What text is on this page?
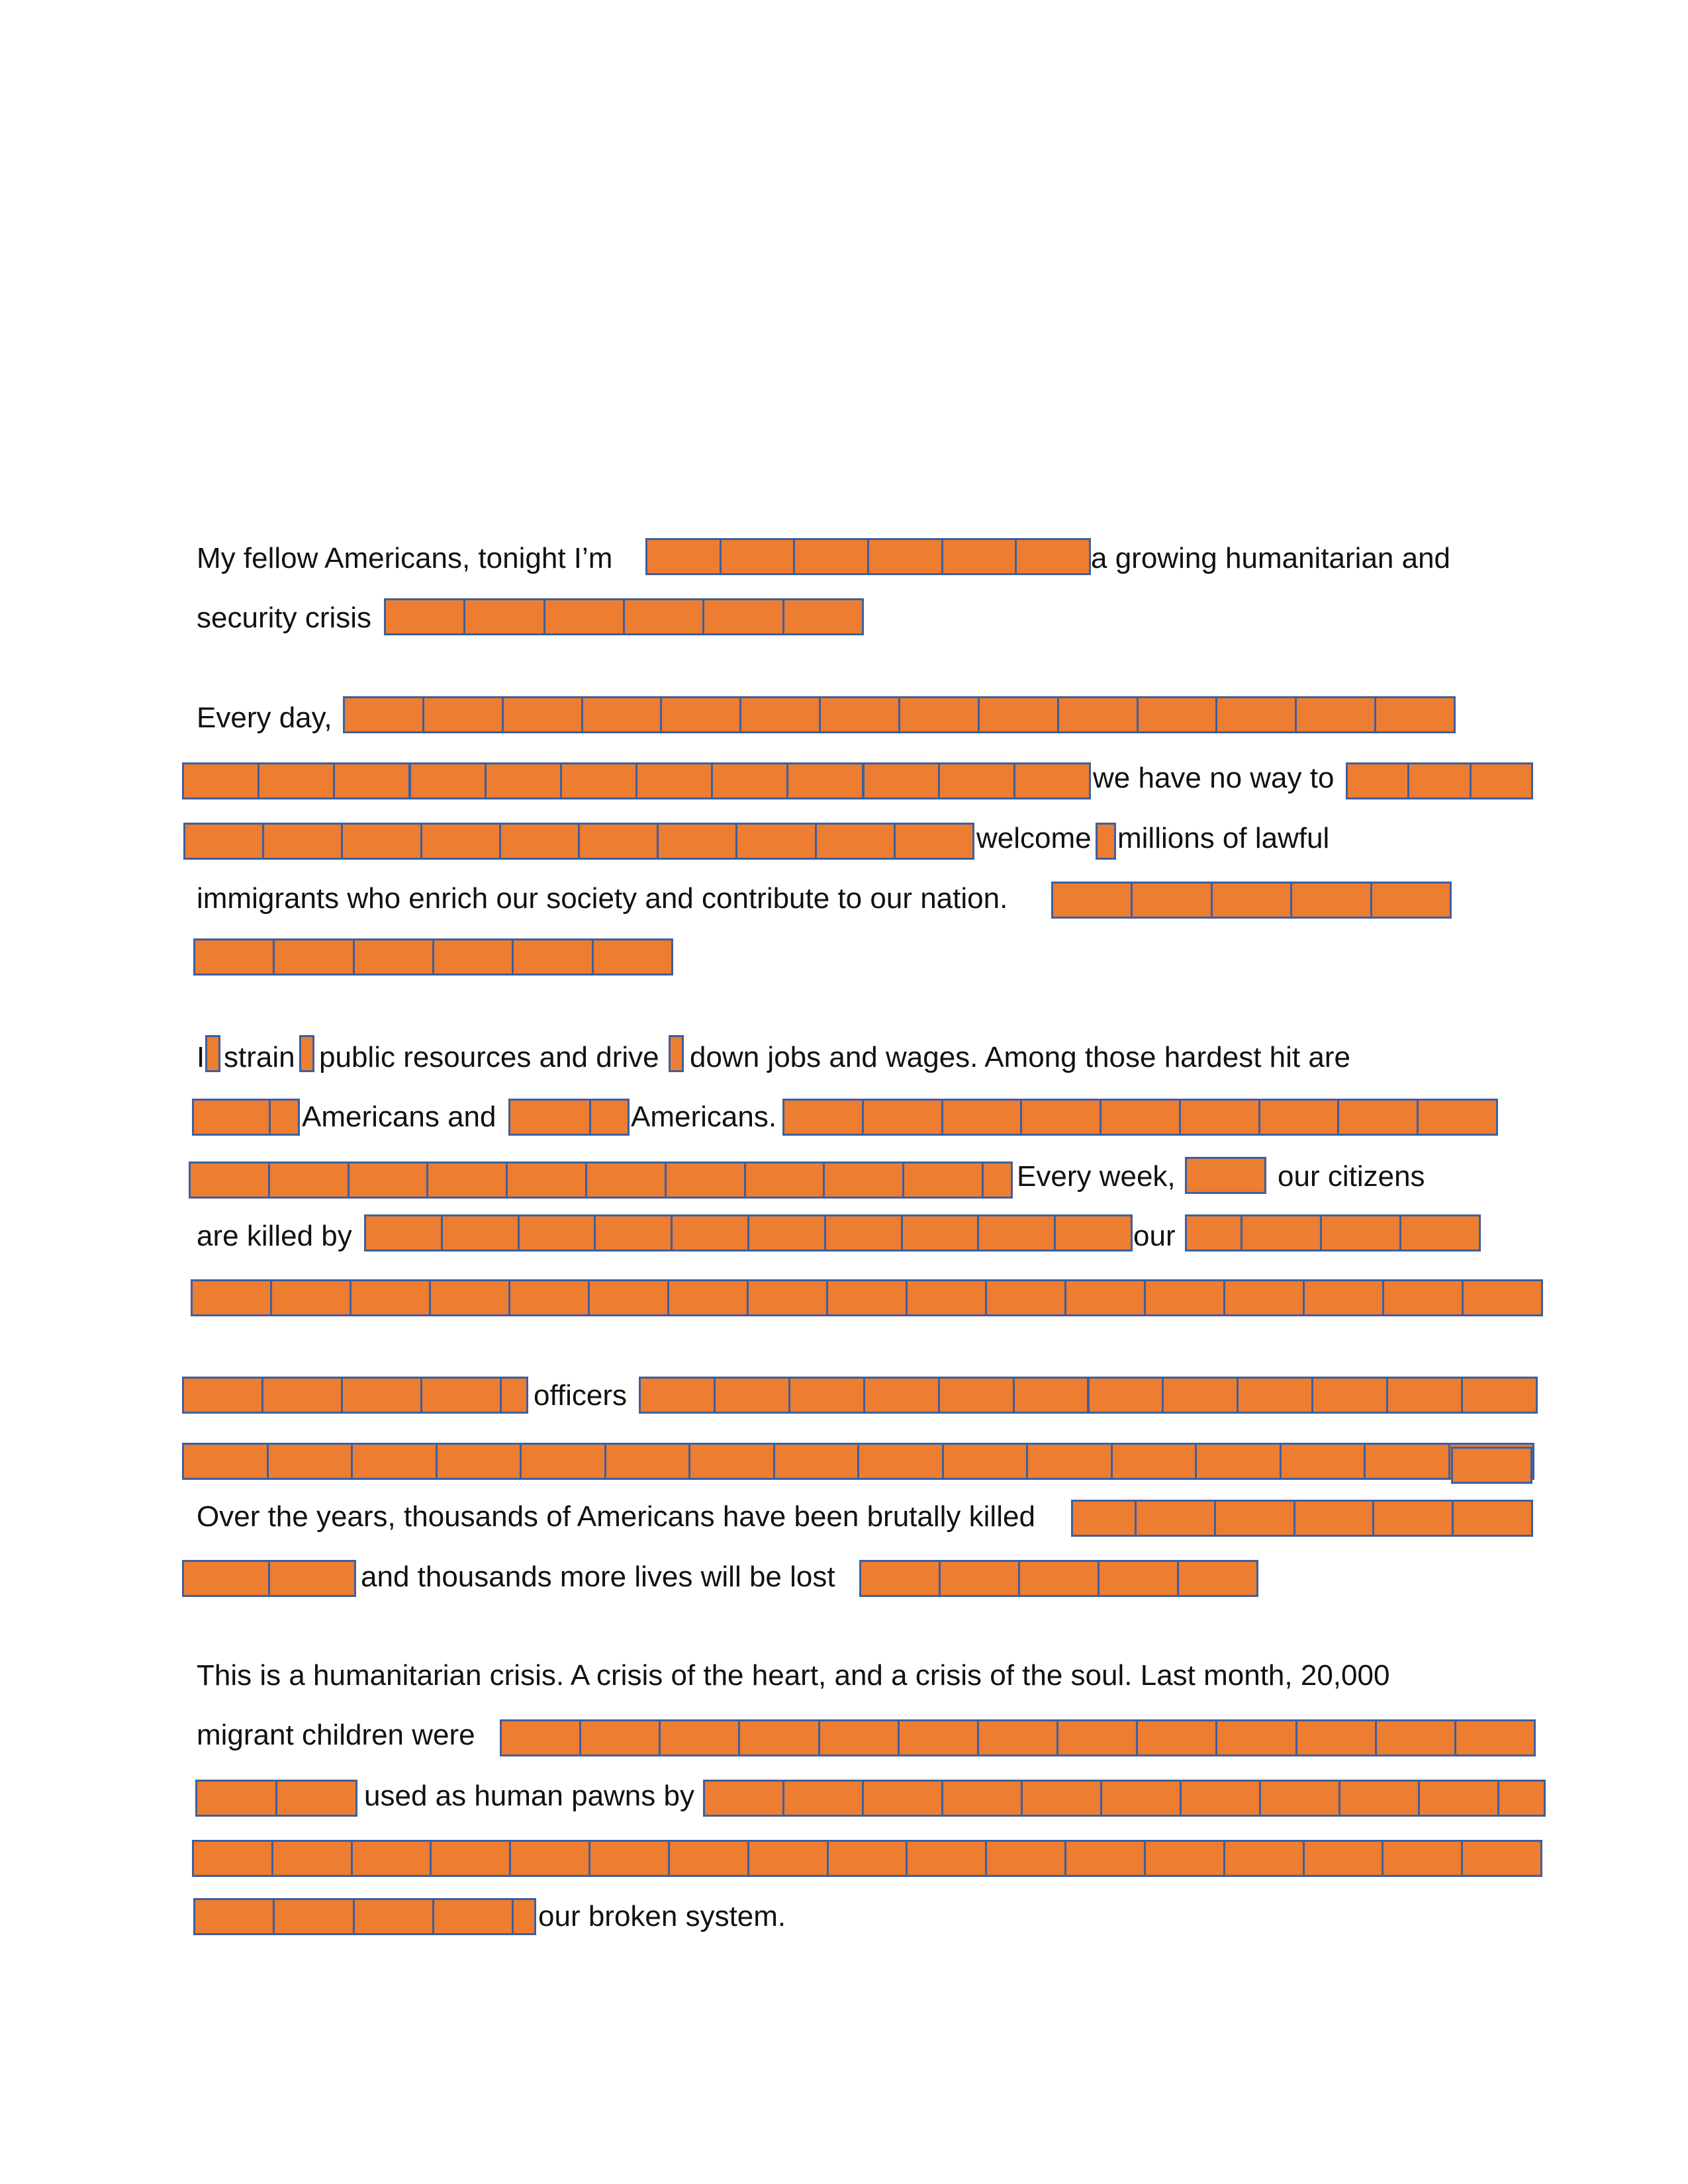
My fellow Americans, tonight I’m	a growing humanitarian and
security crisis
Every day,
we have no way to
welcome millions of lawful
immigrants who enrich our society and contribute to our nation.
I strain public resources and drive down jobs and wages. Among those hardest hit are
Americans and	Americans.
Every week,	our citizens
are killed by	our
officers
Over the years, thousands of Americans have been brutally killed
and thousands more lives will be lost
This is a humanitarian crisis. A crisis of the heart, and a crisis of the soul. Last month, 20,000
migrant children were
used as human pawns by
our broken system.
